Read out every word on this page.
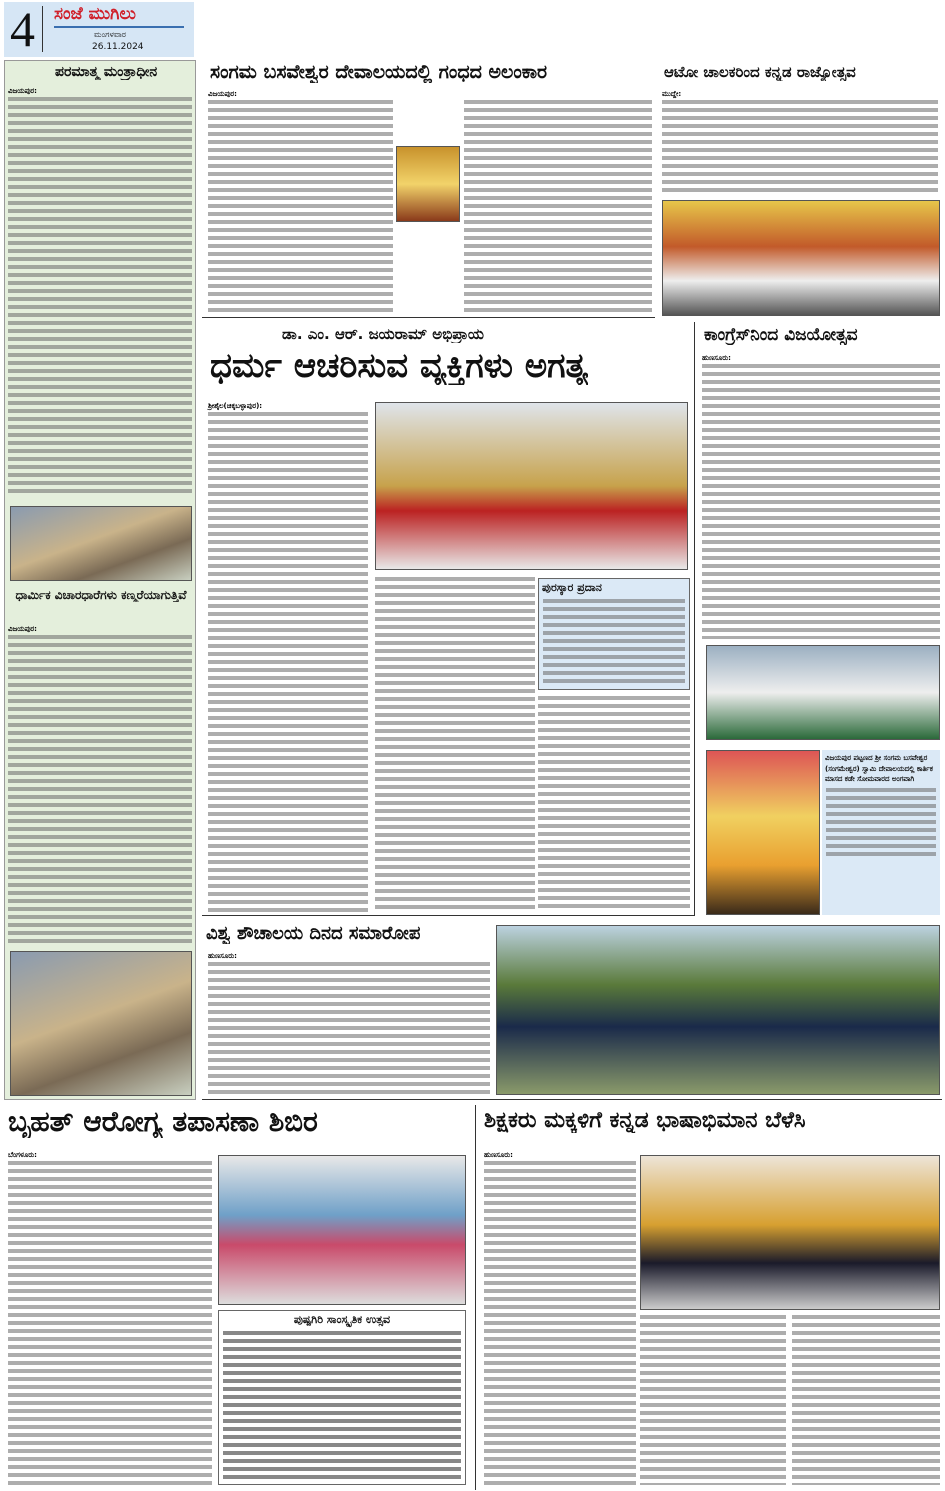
4 ಸಂಜೆ ಮುಗಿಲು
ಮಂಗಳವಾರ
26.11.2024
ಪರಮಾತ್ಮ ಮಂತ್ರಾಧೀನ
ವಿಜಯಪುರ:
ಧಾರ್ಮಿಕ ವಿಚಾರಧಾರೆಗಳು ಕಣ್ಮರೆಯಾಗುತ್ತಿವೆ
ವಿಜಯಪುರ:
ಸಂಗಮ ಬಸವೇಶ್ವರ ದೇವಾಲಯದಲ್ಲಿ ಗಂಧದ ಅಲಂಕಾರ
ವಿಜಯಪುರ:
ಆಟೋ ಚಾಲಕರಿಂದ ಕನ್ನಡ ರಾಜ್ಯೋತ್ಸವ
ಮುದ್ದೇ:
ಡಾ. ಎಂ. ಆರ್. ಜಯರಾಮ್ ಅಭಿಪ್ರಾಯ
ಧರ್ಮ ಆಚರಿಸುವ ವ್ಯಕ್ತಿಗಳು ಅಗತ್ಯ
ಶ್ರೀಶೈಲ(ಚಿಕ್ಕಬಳ್ಳಾಪುರ):
ಪುರಸ್ಕಾರ ಪ್ರದಾನ
ಕಾಂಗ್ರೆಸ್‌ನಿಂದ ವಿಜಯೋತ್ಸವ
ಹುಣಸೂರು:
ವಿಜಯಪುರ ಪಟ್ಟಣದ ಶ್ರೀ ಸಂಗಮ ಬಸವೇಶ್ವರ (ಸಂಗಮೇಶ್ವರ) ಸ್ವಾಮಿ ದೇವಾಲಯದಲ್ಲಿ ಕಾರ್ತಿಕ ಮಾಸದ ಕಡೇ ಸೋಮವಾರದ ಅಂಗವಾಗಿ
ವಿಶ್ವ ಶೌಚಾಲಯ ದಿನದ ಸಮಾರೋಪ
ಹುಣಸೂರು:
ಬೃಹತ್ ಆರೋಗ್ಯ ತಪಾಸಣಾ ಶಿಬಿರ
ಬೆಂಗಳೂರು:
ಪುಷ್ಪಗಿರಿ ಸಾಂಸ್ಕೃತಿಕ ಉತ್ಸವ
ಶಿಕ್ಷಕರು ಮಕ್ಕಳಿಗೆ ಕನ್ನಡ ಭಾಷಾಭಿಮಾನ ಬೆಳೆಸಿ
ಹುಣಸೂರು:
